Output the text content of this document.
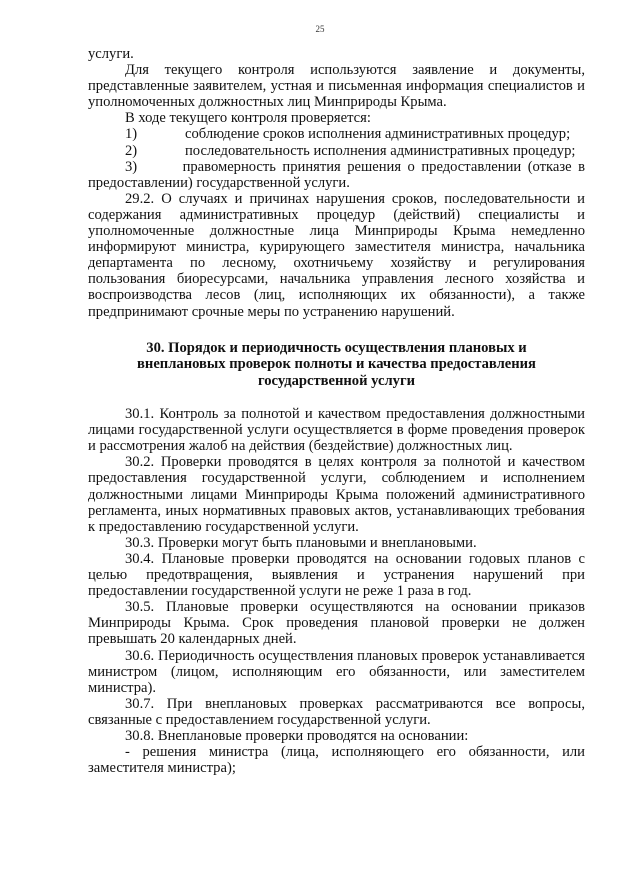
25

услуги.

Для текущего контроля используются заявление и документы, представленные заявителем, устная и письменная информация специалистов и уполномоченных должностных лиц Минприроды Крыма.

В ходе текущего контроля проверяется:

1)	соблюдение сроков исполнения административных процедур;
2)	последовательность исполнения административных процедур;

3)	правомерность принятия решения о предоставлении (отказе в предоставлении) государственной услуги.

29.2. О случаях и причинах нарушения сроков, последовательности и содержания административных процедур (действий) специалисты и уполномоченные должностные лица Минприроды Крыма немедленно информируют министра, курирующего заместителя министра, начальника департамента по лесному, охотничьему хозяйству и регулирования пользования биоресурсами, начальника управления лесного хозяйства и воспроизводства лесов (лиц, исполняющих их обязанности), а также предпринимают срочные меры по устранению нарушений.

30. Порядок и периодичность осуществления плановых и
внеплановых проверок полноты и качества предоставления
государственной услуги

30.1. Контроль за полнотой и качеством предоставления должностными лицами государственной услуги осуществляется в форме проведения проверок и рассмотрения жалоб на действия (бездействие) должностных лиц.

30.2. Проверки проводятся в целях контроля за полнотой и качеством предоставления государственной услуги, соблюдением и исполнением должностными лицами Минприроды Крыма положений административного регламента, иных нормативных правовых актов, устанавливающих требования к предоставлению государственной услуги.

30.3. Проверки могут быть плановыми и внеплановыми.

30.4. Плановые проверки проводятся на основании годовых планов с целью предотвращения, выявления и устранения нарушений при предоставлении государственной услуги не реже 1 раза в год.

30.5. Плановые проверки осуществляются на основании приказов Минприроды Крыма. Срок проведения плановой проверки не должен превышать 20 календарных дней.

30.6. Периодичность осуществления плановых проверок устанавливается министром (лицом, исполняющим его обязанности, или заместителем министра).

30.7. При внеплановых проверках рассматриваются все вопросы, связанные с предоставлением государственной услуги.

30.8. Внеплановые проверки проводятся на основании:

- решения министра (лица, исполняющего его обязанности, или заместителя министра);
